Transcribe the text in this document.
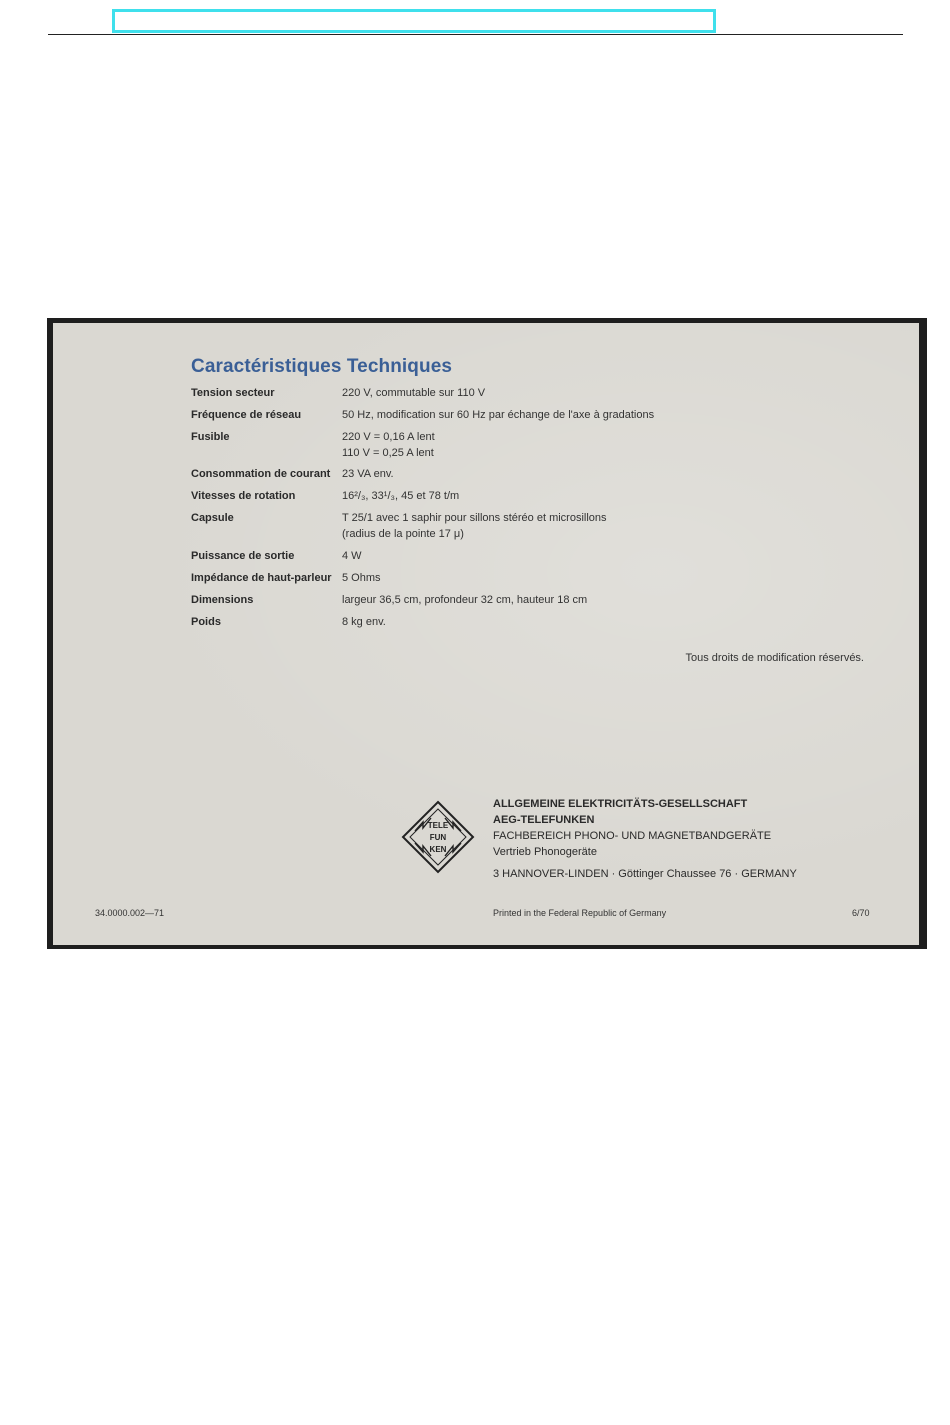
Caractéristiques Techniques
Tension secteur	220 V, commutable sur 110 V
Fréquence de réseau	50 Hz, modification sur 60 Hz par échange de l'axe à gradations
Fusible	220 V = 0,16 A lent
110 V = 0,25 A lent
Consommation de courant	23 VA env.
Vitesses de rotation	16²/₃, 33¹/₃, 45 et 78 t/m
Capsule	T 25/1 avec 1 saphir pour sillons stéréo et microsillons
(radius de la pointe 17 μ)
Puissance de sortie	4 W
Impédance de haut-parleur 5 Ohms
Dimensions	largeur 36,5 cm, profondeur 32 cm, hauteur 18 cm
Poids	8 kg env.
Tous droits de modification réservés.
TELE
FUN
KEN
ALLGEMEINE ELEKTRICITÄTS-GESELLSCHAFT
AEG-TELEFUNKEN
FACHBEREICH PHONO- UND MAGNETBANDGERÄTE
Vertrieb Phonogeräte
3 HANNOVER-LINDEN · Göttinger Chaussee 76 · GERMANY
34.0000.002—71	Printed in the Federal Republic of Germany	6/70
